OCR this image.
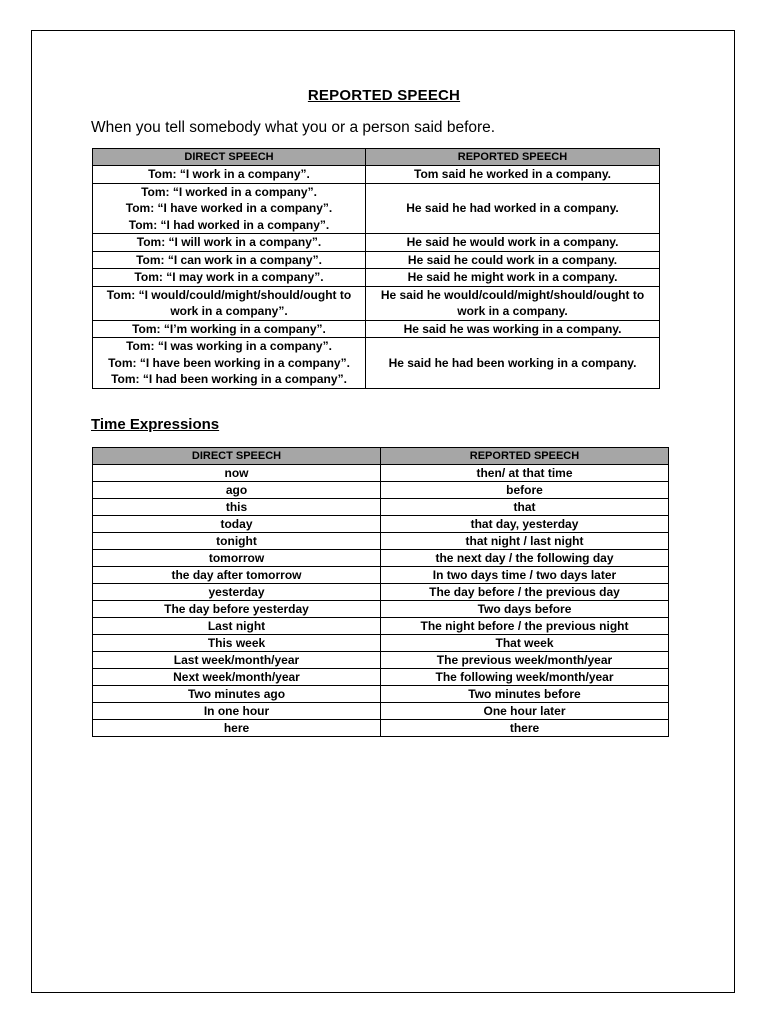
REPORTED SPEECH
When you tell somebody what you or a person said before.
DIRECT SPEECH	REPORTED SPEECH

Tom: “I work in a company”.	Tom said he worked in a company.

Tom: “I worked in a company”.
Tom: “I have worked in a company”.
Tom: “I had worked in a company”.	He said he had worked in a company.

Tom: “I will work in a company”.	He said he would work in a company.

Tom: “I can work in a company”.	He said he could work in a company.

Tom: “I may work in a company”.	He said he might work in a company.

Tom: “I would/could/might/should/ought to
work in a company”.	He said he would/could/might/should/ought to
work in a company.

Tom: “I’m working in a company”.	He said he was working in a company.

Tom: “I was working in a company”.
Tom: “I have been working in a company”.
Tom: “I had been working in a company”.	He said he had been working in a company.
Time Expressions
DIRECT SPEECH	REPORTED SPEECH
now	then/ at that time
ago	before
this	that
today	that day, yesterday
tonight	that night / last night
tomorrow	the next day / the following day
the day after tomorrow	In two days time / two days later
yesterday	The day before / the previous day
The day before yesterday	Two days before
Last night	The night before / the previous night
This week	That week
Last week/month/year	The previous week/month/year
Next week/month/year	The following week/month/year
Two minutes ago	Two minutes before
In one hour	One hour later
here	there
